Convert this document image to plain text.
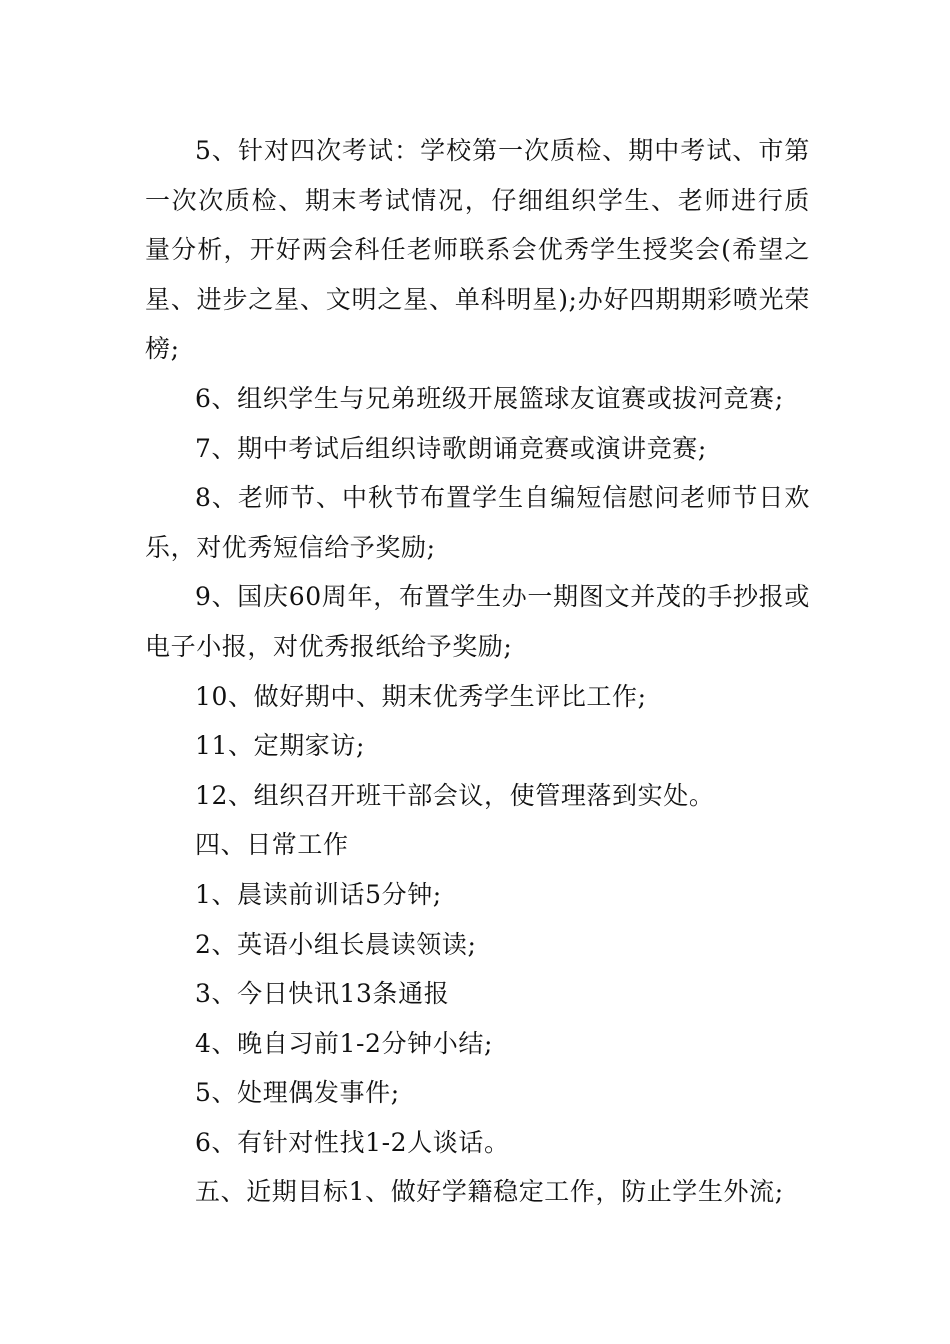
5、针对四次考试：学校第一次质检、期中考试、市第一次次质检、期末考试情况，仔细组织学生、老师进行质量分析，开好两会科任老师联系会优秀学生授奖会(希望之星、进步之星、文明之星、单科明星);办好四期期彩喷光荣榜;

6、组织学生与兄弟班级开展篮球友谊赛或拔河竞赛;

7、期中考试后组织诗歌朗诵竞赛或演讲竞赛;

8、老师节、中秋节布置学生自编短信慰问老师节日欢乐，对优秀短信给予奖励;

9、国庆60周年，布置学生办一期图文并茂的手抄报或电子小报，对优秀报纸给予奖励;

10、做好期中、期末优秀学生评比工作;

11、定期家访;

12、组织召开班干部会议，使管理落到实处。

四、日常工作

1、晨读前训话5分钟;

2、英语小组长晨读领读;

3、今日快讯13条通报

4、晚自习前1-2分钟小结;

5、处理偶发事件;

6、有针对性找1-2人谈话。

五、近期目标1、做好学籍稳定工作，防止学生外流;
